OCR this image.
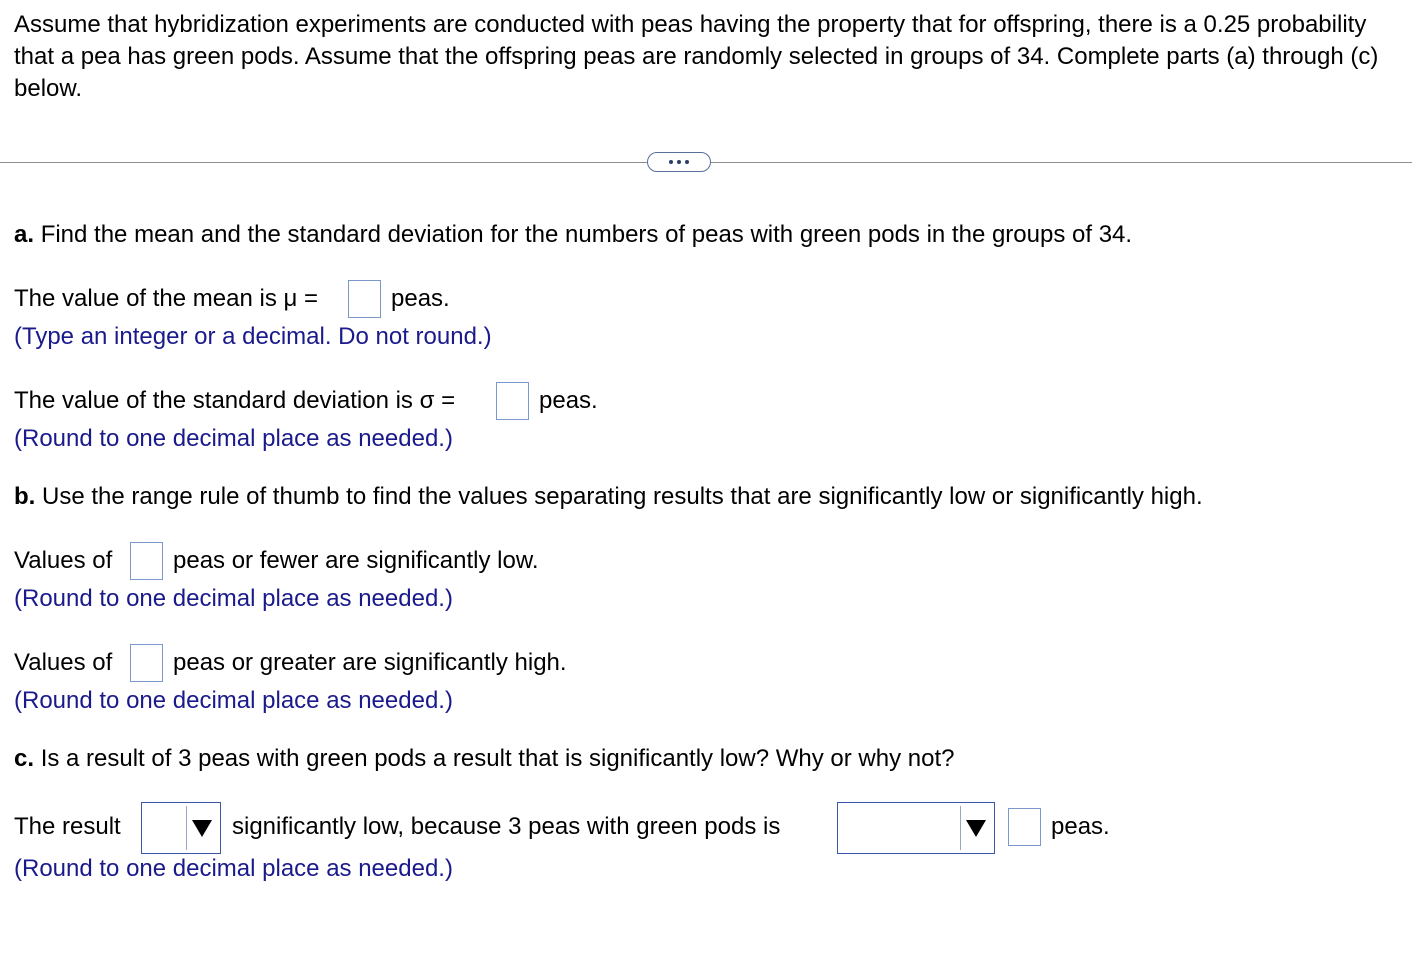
Assume that hybridization experiments are conducted with peas having the property that for offspring, there is a 0.25 probability that a pea has green pods. Assume that the offspring peas are randomly selected in groups of 34. Complete parts (a) through (c) below.
a. Find the mean and the standard deviation for the numbers of peas with green pods in the groups of 34.
The value of the mean is μ =	peas.
(Type an integer or a decimal. Do not round.)
The value of the standard deviation is σ =	peas.
(Round to one decimal place as needed.)
b. Use the range rule of thumb to find the values separating results that are significantly low or significantly high.
Values of	peas or fewer are significantly low.
(Round to one decimal place as needed.)
Values of	peas or greater are significantly high.
(Round to one decimal place as needed.)
c. Is a result of 3 peas with green pods a result that is significantly low? Why or why not?
The result	significantly low, because 3 peas with green pods is	peas.
(Round to one decimal place as needed.)
